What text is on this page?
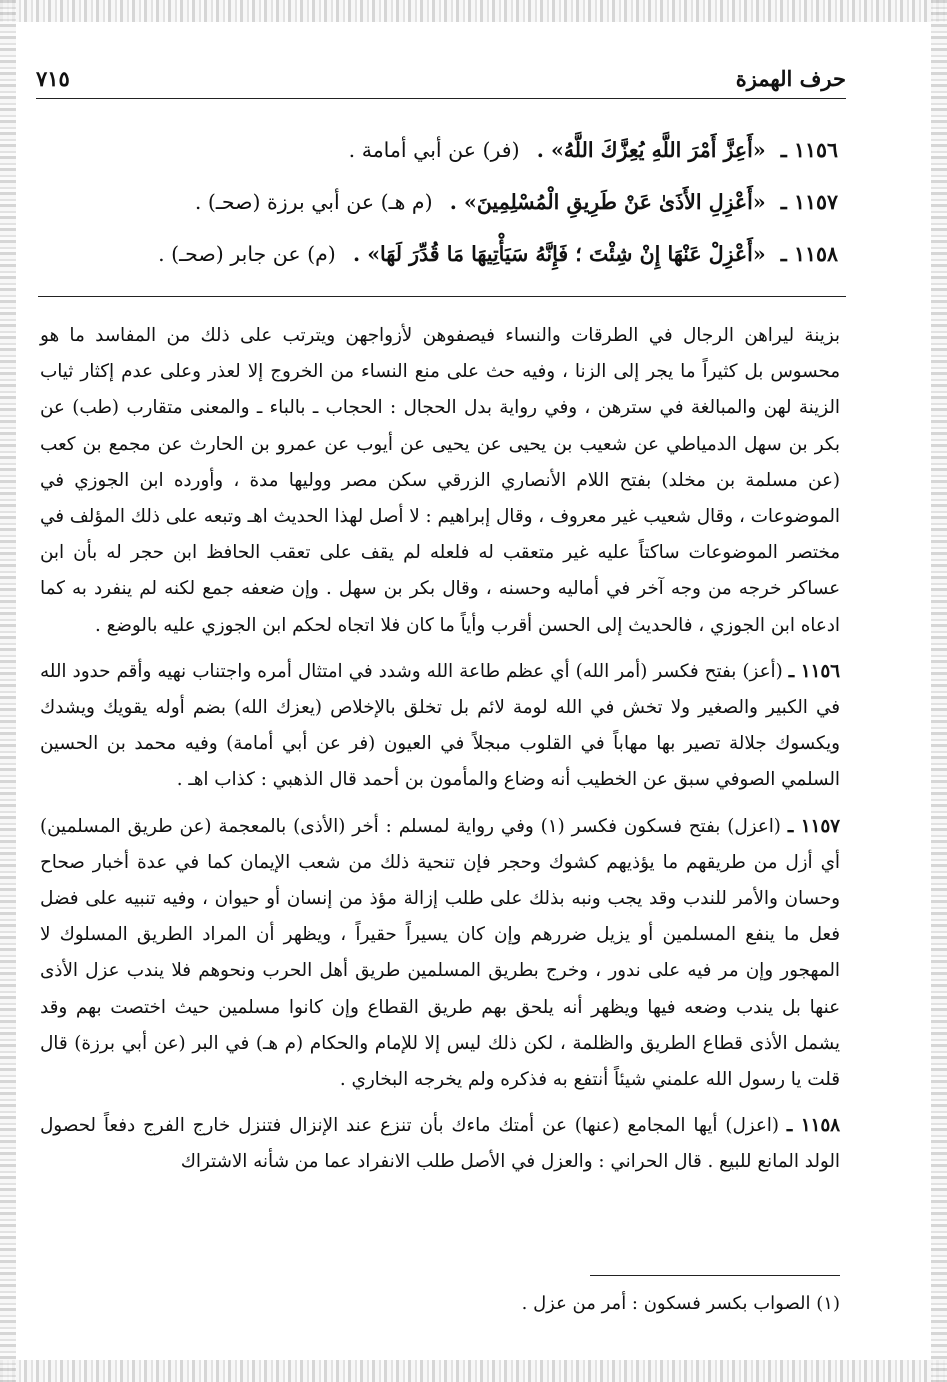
حرف الهمزة
٧١٥
١١٥٦ ـ «أَعِزَّ أَمْرَ اللَّهِ يُعِزَّكَ اللَّهُ» . (فر) عن أبي أمامة .
١١٥٧ ـ «أَعْزِلِ الأَذَىٰ عَنْ طَرِيقِ الْمُسْلِمِينَ» . (م هـ) عن أبي برزة (صحـ) .
١١٥٨ ـ «أَعْزِلْ عَنْهَا إِنْ شِئْتَ ؛ فَإِنَّهُ سَيَأْتِيهَا مَا قُدِّرَ لَهَا» . (م) عن جابر (صحـ) .

بزينة ليراهن الرجال في الطرقات والنساء فيصفوهن لأزواجهن ويترتب على ذلك من المفاسد ما هو محسوس بل كثيراً ما يجر إلى الزنا ، وفيه حث على منع النساء من الخروج إلا لعذر وعلى عدم إكثار ثياب الزينة لهن والمبالغة في سترهن ، وفي رواية بدل الحجال : الحجاب ـ بالباء ـ والمعنى متقارب (طب) عن بكر بن سهل الدمياطي عن شعيب بن يحيى عن يحيى عن أيوب عن عمرو بن الحارث عن مجمع بن كعب (عن مسلمة بن مخلد) بفتح اللام الأنصاري الزرقي سكن مصر ووليها مدة ، وأورده ابن الجوزي في الموضوعات ، وقال شعيب غير معروف ، وقال إبراهيم : لا أصل لهذا الحديث اهـ وتبعه على ذلك المؤلف في مختصر الموضوعات ساكتاً عليه غير متعقب له فلعله لم يقف على تعقب الحافظ ابن حجر له بأن ابن عساكر خرجه من وجه آخر في أماليه وحسنه ، وقال بكر بن سهل . وإن ضعفه جمع لكنه لم ينفرد به كما ادعاه ابن الجوزي ، فالحديث إلى الحسن أقرب وأياً ما كان فلا اتجاه لحكم ابن الجوزي عليه بالوضع .

١١٥٦ ـ (أعز) بفتح فكسر (أمر الله) أي عظم طاعة الله وشدد في امتثال أمره واجتناب نهيه وأقم حدود الله في الكبير والصغير ولا تخش في الله لومة لائم بل تخلق بالإخلاص (يعزك الله) بضم أوله يقويك ويشدك ويكسوك جلالة تصير بها مهاباً في القلوب مبجلاً في العيون (فر عن أبي أمامة) وفيه محمد بن الحسين السلمي الصوفي سبق عن الخطيب أنه وضاع والمأمون بن أحمد قال الذهبي : كذاب اهـ .

١١٥٧ ـ (اعزل) بفتح فسكون فكسر (١) وفي رواية لمسلم : أخر (الأذى) بالمعجمة (عن طريق المسلمين) أي أزل من طريقهم ما يؤذيهم كشوك وحجر فإن تنحية ذلك من شعب الإيمان كما في عدة أخبار صحاح وحسان والأمر للندب وقد يجب ونبه بذلك على طلب إزالة مؤذ من إنسان أو حيوان ، وفيه تنبيه على فضل فعل ما ينفع المسلمين أو يزيل ضررهم وإن كان يسيراً حقيراً ، ويظهر أن المراد الطريق المسلوك لا المهجور وإن مر فيه على ندور ، وخرج بطريق المسلمين طريق أهل الحرب ونحوهم فلا يندب عزل الأذى عنها بل يندب وضعه فيها ويظهر أنه يلحق بهم طريق القطاع وإن كانوا مسلمين حيث اختصت بهم وقد يشمل الأذى قطاع الطريق والظلمة ، لكن ذلك ليس إلا للإمام والحكام (م هـ) في البر (عن أبي برزة) قال قلت يا رسول الله علمني شيئاً أنتفع به فذكره ولم يخرجه البخاري .

١١٥٨ ـ (اعزل) أيها المجامع (عنها) عن أمتك ماءك بأن تنزع عند الإنزال فتنزل خارج الفرج دفعاً لحصول الولد المانع للبيع . قال الحراني : والعزل في الأصل طلب الانفراد عما من شأنه الاشتراك

(١) الصواب بكسر فسكون : أمر من عزل .
